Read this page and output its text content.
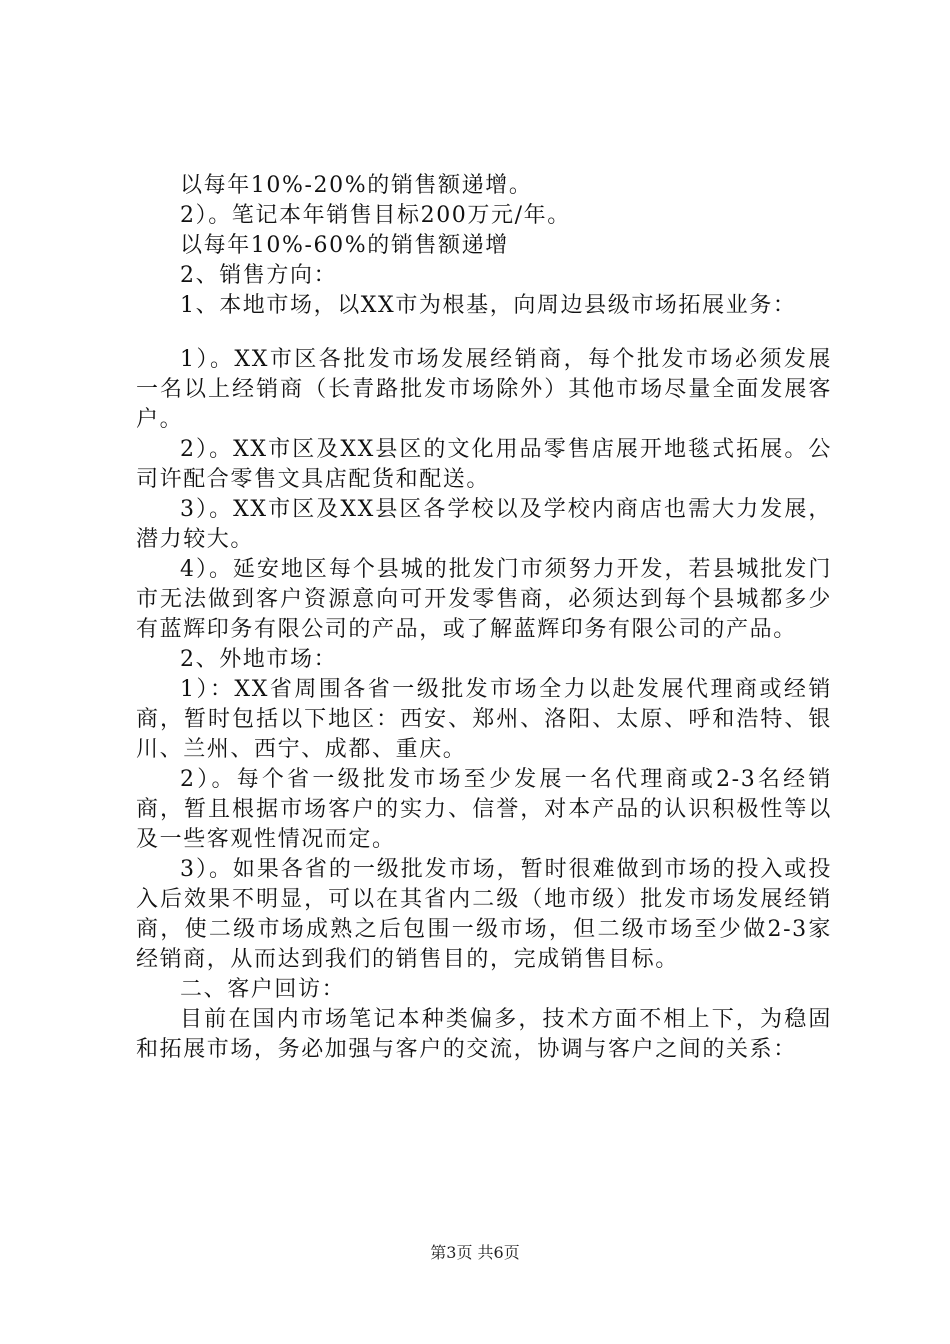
以每年10%-20%的销售额递增。

2）。笔记本年销售目标200万元/年。

以每年10%-60%的销售额递增

2、销售方向：

1、本地市场，以XX市为根基，向周边县级市场拓展业务：

1）。XX市区各批发市场发展经销商，每个批发市场必须发展一名以上经销商（长青路批发市场除外）其他市场尽量全面发展客户。

2）。XX市区及XX县区的文化用品零售店展开地毯式拓展。公司许配合零售文具店配货和配送。

3）。XX市区及XX县区各学校以及学校内商店也需大力发展，潜力较大。

4）。延安地区每个县城的批发门市须努力开发，若县城批发门市无法做到客户资源意向可开发零售商，必须达到每个县城都多少有蓝辉印务有限公司的产品，或了解蓝辉印务有限公司的产品。

2、外地市场：

1）：XX省周围各省一级批发市场全力以赴发展代理商或经销商，暂时包括以下地区：西安、郑州、洛阳、太原、呼和浩特、银川、兰州、西宁、成都、重庆。

2）。每个省一级批发市场至少发展一名代理商或2-3名经销商，暂且根据市场客户的实力、信誉，对本产品的认识积极性等以及一些客观性情况而定。

3）。如果各省的一级批发市场，暂时很难做到市场的投入或投入后效果不明显，可以在其省内二级（地市级）批发市场发展经销商，使二级市场成熟之后包围一级市场，但二级市场至少做2-3家经销商，从而达到我们的销售目的，完成销售目标。

二、客户回访：

目前在国内市场笔记本种类偏多，技术方面不相上下，为稳固和拓展市场，务必加强与客户的交流，协调与客户之间的关系：

第3页 共6页
